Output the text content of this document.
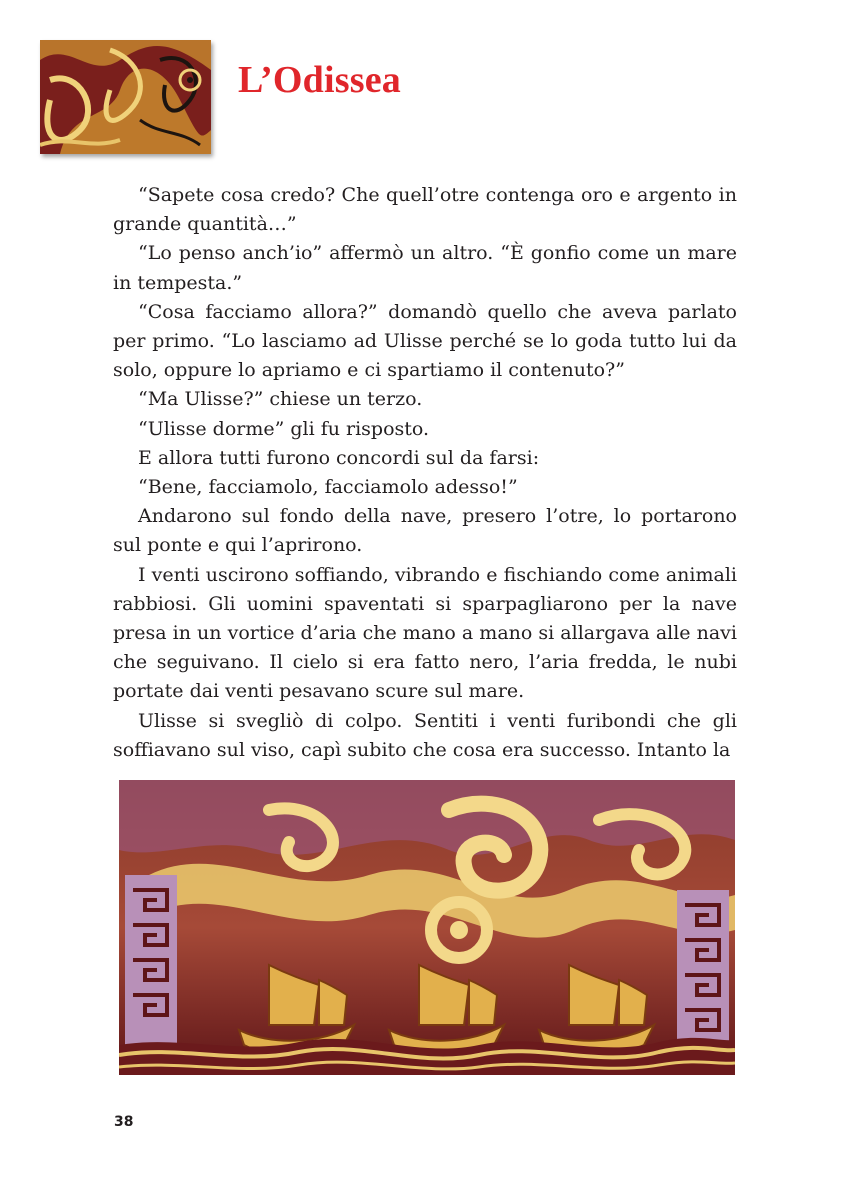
L’Odissea

“Sapete cosa credo? Che quell’otre contenga oro e argento in grande quantità…”

“Lo penso anch’io” affermò un altro. “È gonfio come un mare in tempesta.”

“Cosa facciamo allora?” domandò quello che aveva parlato per primo. “Lo lasciamo ad Ulisse perché se lo goda tutto lui da solo, oppure lo apriamo e ci spartiamo il contenuto?”

“Ma Ulisse?” chiese un terzo.

“Ulisse dorme” gli fu risposto.

E allora tutti furono concordi sul da farsi:

“Bene, facciamolo, facciamolo adesso!”

Andarono sul fondo della nave, presero l’otre, lo portarono sul ponte e qui l’aprirono.

I venti uscirono soffiando, vibrando e fischiando come animali rabbiosi. Gli uomini spaventati si sparpagliarono per la nave presa in un vortice d’aria che mano a mano si allargava alle navi che seguivano. Il cielo si era fatto nero, l’aria fredda, le nubi portate dai venti pesavano scure sul mare.

Ulisse si svegliò di colpo. Sentiti i venti furibondi che gli soffiavano sul viso, capì subito che cosa era successo. Intanto la

38
